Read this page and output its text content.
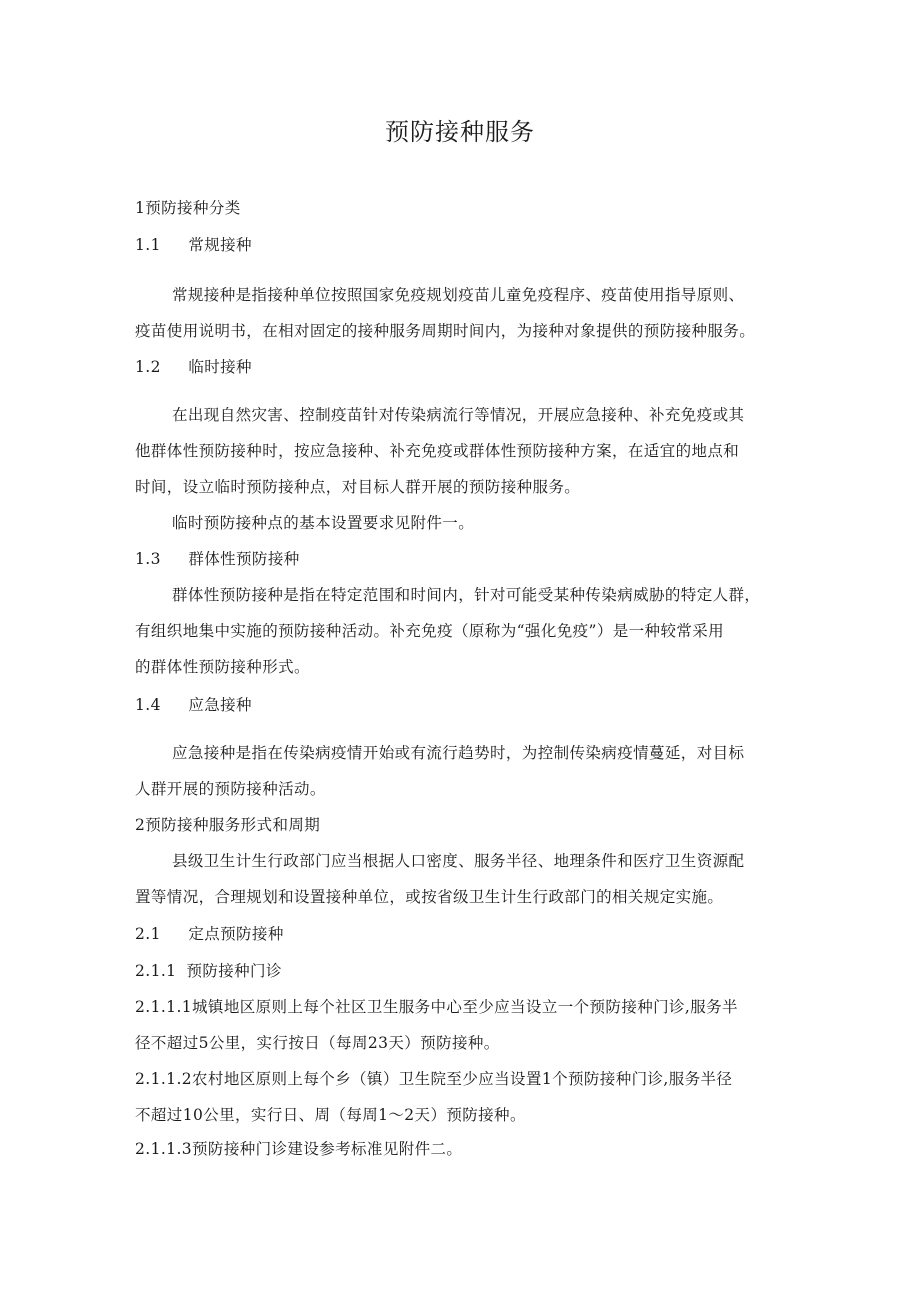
预防接种服务
1预防接种分类
1.1 常规接种
常规接种是指接种单位按照国家免疫规划疫苗儿童免疫程序、疫苗使用指导原则、
疫苗使用说明书，在相对固定的接种服务周期时间内，为接种对象提供的预防接种服务。
1.2 临时接种
在出现自然灾害、控制疫苗针对传染病流行等情况，开展应急接种、补充免疫或其
他群体性预防接种时，按应急接种、补充免疫或群体性预防接种方案，在适宜的地点和
时间，设立临时预防接种点，对目标人群开展的预防接种服务。
临时预防接种点的基本设置要求见附件一。
1.3 群体性预防接种
群体性预防接种是指在特定范围和时间内，针对可能受某种传染病威胁的特定人群，
有组织地集中实施的预防接种活动。补充免疫（原称为“强化免疫”）是一种较常采用
的群体性预防接种形式。
1.4 应急接种
应急接种是指在传染病疫情开始或有流行趋势时，为控制传染病疫情蔓延，对目标
人群开展的预防接种活动。
2预防接种服务形式和周期
县级卫生计生行政部门应当根据人口密度、服务半径、地理条件和医疗卫生资源配
置等情况，合理规划和设置接种单位，或按省级卫生计生行政部门的相关规定实施。
2.1 定点预防接种
2.1.1 预防接种门诊
2.1.1.1城镇地区原则上每个社区卫生服务中心至少应当设立一个预防接种门诊,服务半
径不超过5公里，实行按日（每周23天）预防接种。
2.1.1.2农村地区原则上每个乡（镇）卫生院至少应当设置1个预防接种门诊,服务半径
不超过10公里，实行日、周（每周1～2天）预防接种。
2.1.1.3预防接种门诊建设参考标准见附件二。
